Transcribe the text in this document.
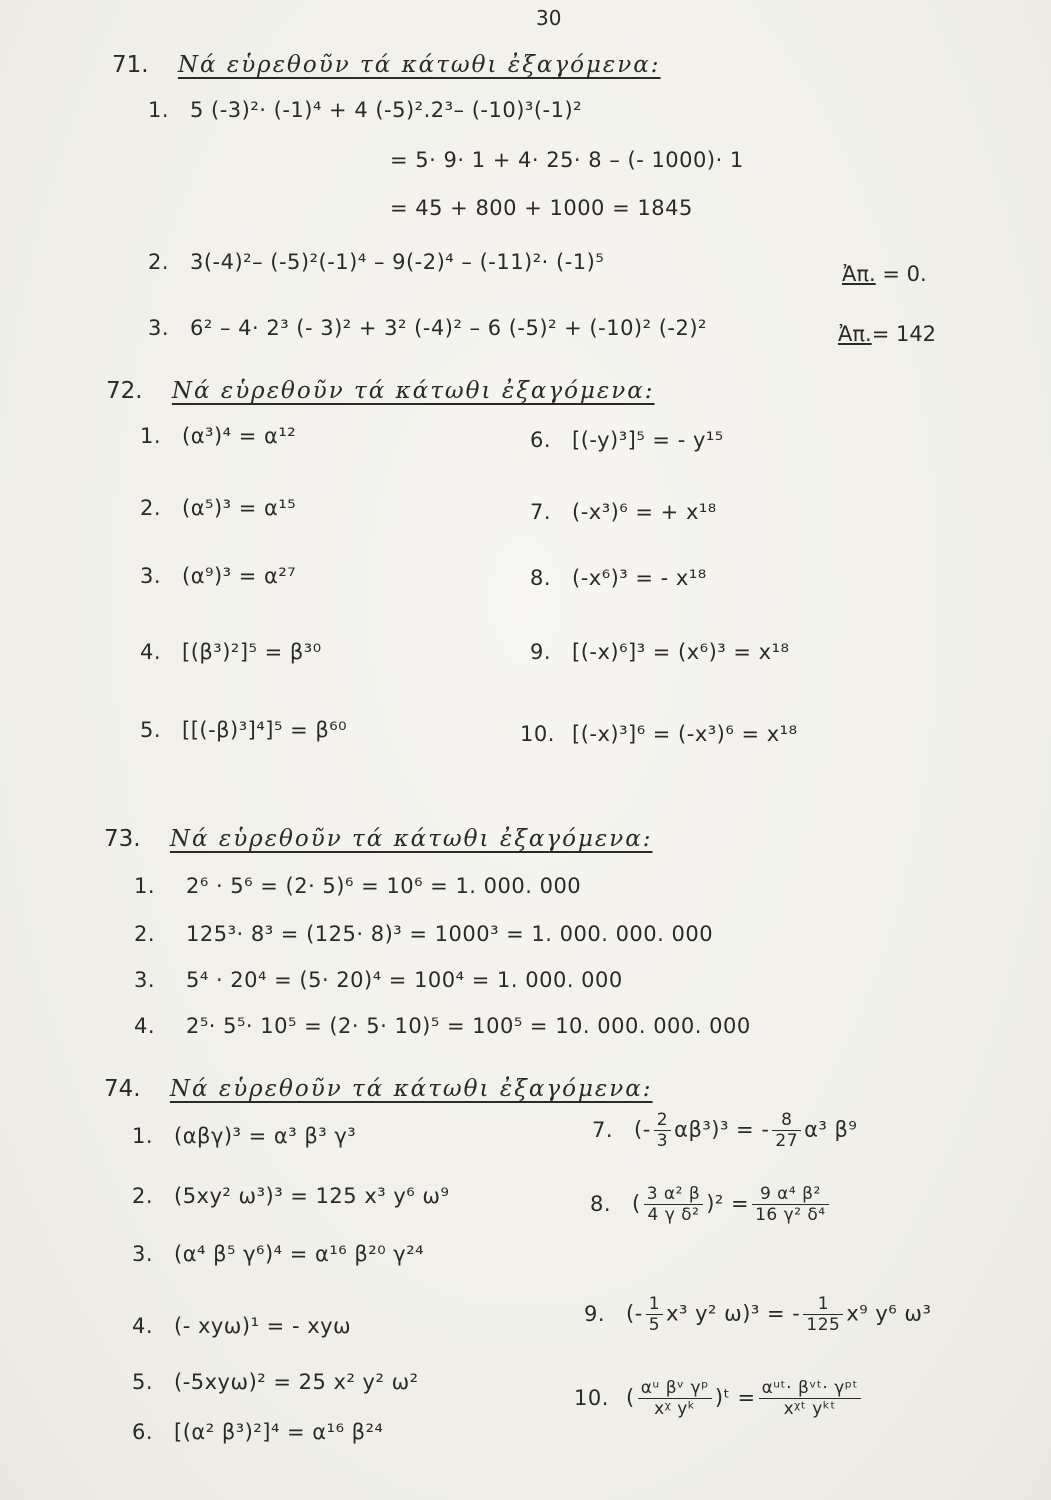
30
71. Νά εὑρεθοῦν τά κάτωθι ἐξαγόμενα:
1. 5 (-3)²· (-1)⁴ + 4 (-5)².2³– (-10)³(-1)²
= 5· 9· 1 + 4· 25· 8 – (- 1000)· 1
= 45 + 800 + 1000 = 1845
2. 3(-4)²– (-5)²(-1)⁴ – 9(-2)⁴ – (-11)²· (-1)⁵	Ἀπ. = 0.
3. 6² – 4· 2³ (- 3)² + 3² (-4)² – 6 (-5)² + (-10)² (-2)²	Ἀπ.= 142
72. Νά εὑρεθοῦν τά κάτωθι ἐξαγόμενα:
1. (α³)⁴ = α¹²
2. (α⁵)³ = α¹⁵
3. (α⁹)³ = α²⁷
4. [(β³)²]⁵ = β³⁰
5. [[(-β)³]⁴]⁵ = β⁶⁰
6. [(-y)³]⁵ = - y¹⁵
7. (-x³)⁶ = + x¹⁸
8. (-x⁶)³ = - x¹⁸
9. [(-x)⁶]³ = (x⁶)³ = x¹⁸
10. [(-x)³]⁶ = (-x³)⁶ = x¹⁸
73. Νά εὑρεθοῦν τά κάτωθι ἐξαγόμενα:
1. 2⁶ · 5⁶ = (2· 5)⁶ = 10⁶ = 1. 000. 000
2. 125³· 8³ = (125· 8)³ = 1000³ = 1. 000. 000. 000
3. 5⁴ · 20⁴ = (5· 20)⁴ = 100⁴ = 1. 000. 000
4. 2⁵· 5⁵· 10⁵ = (2· 5· 10)⁵ = 100⁵ = 10. 000. 000. 000
74. Νά εὑρεθοῦν τά κάτωθι ἐξαγόμενα:
1. (αβγ)³ = α³ β³ γ³
2. (5xy² ω³)³ = 125 x³ y⁶ ω⁹
3. (α⁴ β⁵ γ⁶)⁴ = α¹⁶ β²⁰ γ²⁴
4. (- xyω)¹ = - xyω
5. (-5xyω)² = 25 x² y² ω²
6. [(α² β³)²]⁴ = α¹⁶ β²⁴
7. (- $\frac{2}{3} \alpha\beta^3)^3$ = - $\frac{8}{27} \alpha^3$ β⁹
8. ( $\frac{\text{3 α² β}}{\text{4 γ δ²}} )^2 = \frac{\text{9 α⁴ β²}}{\text{16 γ² δ⁴}}$
9. (- $\frac{1}{5} x^3$ y² ω)³ = - $\frac{1}{125} x^9$ y⁶ ω³
10. ( $\frac{\text{αᵘ βᵛ γᵖ}}{\text{xᵡ yᵏ}}$ )ᵗ = $\frac{\text{αᵘᵗ· βᵛᵗ· γᵖᵗ}}{\text{xᵡᵗ yᵏᵗ}}$
